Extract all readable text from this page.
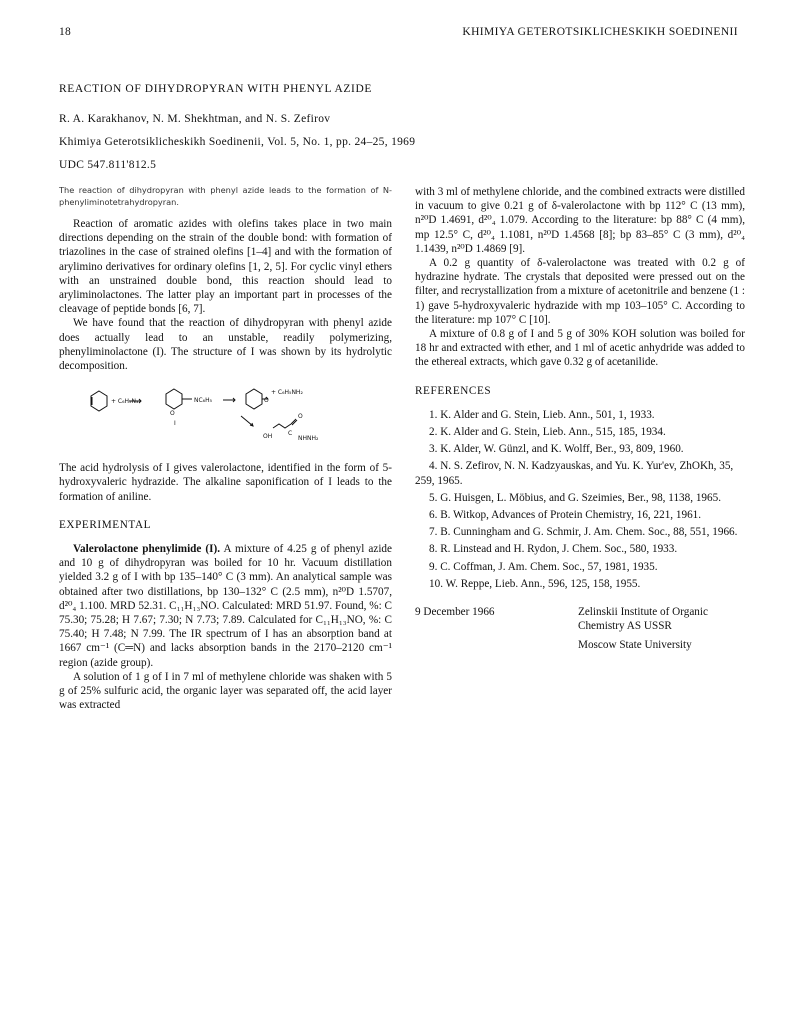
18	KHIMIYA GETEROTSIKLICHESKIKH SOEDINENII
REACTION OF DIHYDROPYRAN WITH PHENYL AZIDE
R. A. Karakhanov, N. M. Shekhtman, and N. S. Zefirov
Khimiya Geterotsiklicheskikh Soedinenii, Vol. 5, No. 1, pp. 24–25, 1969
UDC 547.811'812.5

The reaction of dihydropyran with phenyl azide leads to the formation of N-phenyliminotetrahydropyran.

Reaction of aromatic azides with olefins takes place in two main directions depending on the strain of the double bond: with formation of triazolines in the case of strained olefins [1–4] and with the formation of arylimino derivatives for ordinary olefins [1, 2, 5]. For cyclic vinyl ethers with an unstrained double bond, this reaction should lead to aryliminolactones. The latter play an important part in processes of the cleavage of peptide bonds [6, 7].

We have found that the reaction of dihydropyran with phenyl azide does actually lead to an unstable, readily polymerizing, phenyliminolactone (I). The structure of I was shown by its hydrolytic decomposition.

+ C₆H₅N₃
O
NC₆H₅
I
O
+ C₆H₅NH₂
OH	C
O
NHNH₂

The acid hydrolysis of I gives valerolactone, identified in the form of 5-hydroxyvaleric hydrazide. The alkaline saponification of I leads to the formation of aniline.

EXPERIMENTAL

Valerolactone phenylimide (I). A mixture of 4.25 g of phenyl azide and 10 g of dihydropyran was boiled for 10 hr. Vacuum distillation yielded 3.2 g of I with bp 135–140° C (3 mm). An analytical sample was obtained after two distillations, bp 130–132° C (2.5 mm), n²⁰D 1.5707, d²⁰₄ 1.100. MRD 52.31. C₁₁H₁₃NO. Calculated: MRD 51.97. Found, %: C 75.30; 75.28; H 7.67; 7.30; N 7.73; 7.89. Calculated for C₁₁H₁₃NO, %: C 75.40; H 7.48; N 7.99. The IR spectrum of I has an absorption band at 1667 cm⁻¹ (C═N) and lacks absorption bands in the 2170–2120 cm⁻¹ region (azide group).

A solution of 1 g of I in 7 ml of methylene chloride was shaken with 5 g of 25% sulfuric acid, the organic layer was separated off, the acid layer was extracted

with 3 ml of methylene chloride, and the combined extracts were distilled in vacuum to give 0.21 g of δ-valerolactone with bp 112° C (13 mm), n²⁰D 1.4691, d²⁰₄ 1.079. According to the literature: bp 88° C (4 mm), mp 12.5° C, d²⁰₄ 1.1081, n²⁰D 1.4568 [8]; bp 83–85° C (3 mm), d²⁰₄ 1.1439, n²⁰D 1.4869 [9].

A 0.2 g quantity of δ-valerolactone was treated with 0.2 g of hydrazine hydrate. The crystals that deposited were pressed out on the filter, and recrystallization from a mixture of acetonitrile and benzene (1 : 1) gave 5-hydroxyvaleric hydrazide with mp 103–105° C. According to the literature: mp 107° C [10].

A mixture of 0.8 g of I and 5 g of 30% KOH solution was boiled for 18 hr and extracted with ether, and 1 ml of acetic anhydride was added to the ethereal extracts, which gave 0.32 g of acetanilide.

REFERENCES
1. K. Alder and G. Stein, Lieb. Ann., 501, 1, 1933.
2. K. Alder and G. Stein, Lieb. Ann., 515, 185, 1934.
3. K. Alder, W. Günzl, and K. Wolff, Ber., 93, 809, 1960.
4. N. S. Zefirov, N. N. Kadzyauskas, and Yu. K. Yur'ev, ZhOKh, 35, 259, 1965.
5. G. Huisgen, L. Möbius, and G. Szeimies, Ber., 98, 1138, 1965.
6. B. Witkop, Advances of Protein Chemistry, 16, 221, 1961.
7. B. Cunningham and G. Schmir, J. Am. Chem. Soc., 88, 551, 1966.
8. R. Linstead and H. Rydon, J. Chem. Soc., 580, 1933.
9. C. Coffman, J. Am. Chem. Soc., 57, 1981, 1935.
10. W. Reppe, Lieb. Ann., 596, 125, 158, 1955.
9 December 1966	Zelinskii Institute of Organic Chemistry AS USSR
Moscow State University
